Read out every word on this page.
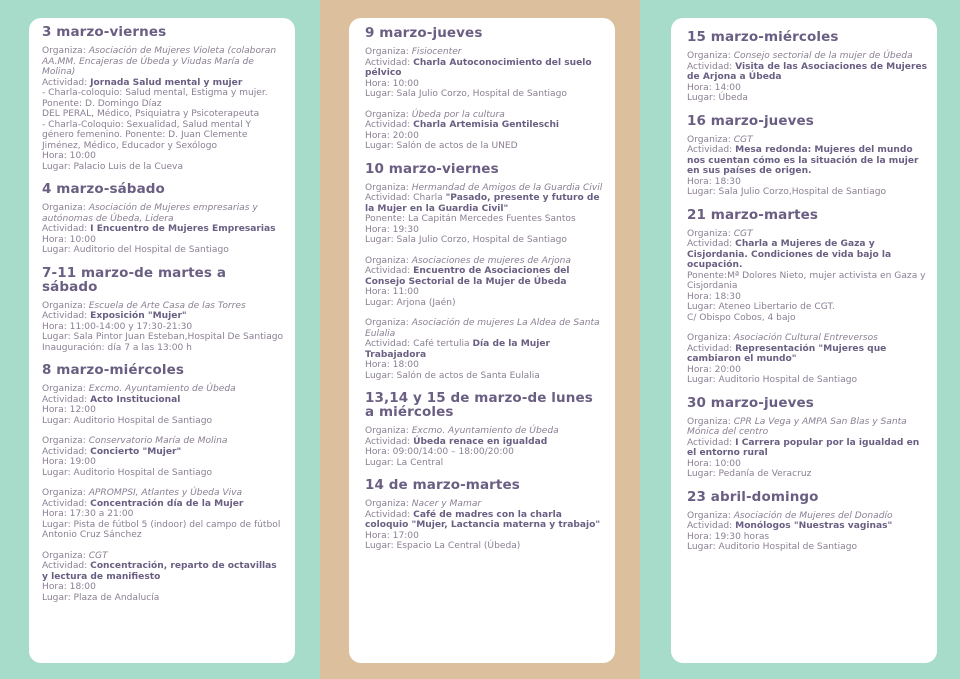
3 marzo-viernes
Organiza: Asociación de Mujeres Violeta (colaboran AA.MM. Encajeras de Úbeda y Viudas María de Molina)
Actividad: Jornada Salud mental y mujer
- Charla-coloquio: Salud mental, Estigma y mujer. Ponente: D. Domingo Díaz
DEL PERAL, Médico, Psiquiatra y Psicoterapeuta
- Charla-Coloquio: Sexualidad, Salud mental Y género femenino. Ponente: D. Juan Clemente Jiménez, Médico, Educador y Sexólogo
Hora: 10:00
Lugar: Palacio Luis de la Cueva
4 marzo-sábado
Organiza: Asociación de Mujeres empresarias y autónomas de Úbeda, Lidera
Actividad: I Encuentro de Mujeres Empresarias
Hora: 10:00
Lugar: Auditorio del Hospital de Santiago
7-11 marzo-de martes a sábado
Organiza: Escuela de Arte Casa de las Torres
Actividad: Exposición "Mujer"
Hora: 11:00-14:00 y 17:30-21:30
Lugar: Sala Pintor Juan Esteban,Hospital De Santiago
Inauguración: día 7 a las 13:00 h
8 marzo-miércoles
Organiza: Excmo. Ayuntamiento de Úbeda
Actividad: Acto Institucional
Hora: 12:00
Lugar: Auditorio Hospital de Santiago
Organiza: Conservatorio María de Molina
Actividad: Concierto "Mujer"
Hora: 19:00
Lugar: Auditorio Hospital de Santiago
Organiza: APROMPSI, Atlantes y Úbeda Viva
Actividad: Concentración día de la Mujer
Hora: 17:30 a 21:00
Lugar: Pista de fútbol 5 (indoor) del campo de fútbol Antonio Cruz Sánchez
Organiza: CGT
Actividad: Concentración, reparto de octavillas y lectura de manifiesto
Hora: 18:00
Lugar: Plaza de Andalucía
9 marzo-jueves
Organiza: Fisiocenter
Actividad: Charla Autoconocimiento del suelo pélvico
Hora: 10:00
Lugar: Sala Julio Corzo, Hospital de Santiago
Organiza: Úbeda por la cultura
Actividad: Charla Artemisia Gentileschi
Hora: 20:00
Lugar: Salón de actos de la UNED
10 marzo-viernes
Organiza: Hermandad de Amigos de la Guardia Civil
Actividad: Charla "Pasado, presente y futuro de la Mujer en la Guardia Civil"
Ponente: La Capitán Mercedes Fuentes Santos
Hora: 19:30
Lugar: Sala Julio Corzo, Hospital de Santiago
Organiza: Asociaciones de mujeres de Arjona
Actividad: Encuentro de Asociaciones del Consejo Sectorial de la Mujer de Úbeda
Hora: 11:00
Lugar: Arjona (Jaén)
Organiza: Asociación de mujeres La Aldea de Santa Eulalia
Actividad: Café tertulia Día de la Mujer Trabajadora
Hora: 18:00
Lugar: Salón de actos de Santa Eulalia
13,14 y 15 de marzo-de lunes a miércoles
Organiza: Excmo. Ayuntamiento de Úbeda
Actividad: Úbeda renace en igualdad
Hora: 09:00/14:00 – 18:00/20:00
Lugar: La Central
14 de marzo-martes
Organiza: Nacer y Mamar
Actividad: Café de madres con la charla coloquio "Mujer, Lactancia materna y trabajo"
Hora: 17:00
Lugar: Espacio La Central (Úbeda)
15 marzo-miércoles
Organiza: Consejo sectorial de la mujer de Úbeda
Actividad: Visita de las Asociaciones de Mujeres de Arjona a Úbeda
Hora: 14:00
Lugar: Úbeda
16 marzo-jueves
Organiza: CGT
Actividad: Mesa redonda: Mujeres del mundo nos cuentan cómo es la situación de la mujer en sus países de origen.
Hora: 18:30
Lugar: Sala Julio Corzo,Hospital de Santiago
21 marzo-martes
Organiza: CGT
Actividad: Charla a Mujeres de Gaza y Cisjordania. Condiciones de vida bajo la ocupación.
Ponente:Mª Dolores Nieto, mujer activista en Gaza y Cisjordania
Hora: 18:30
Lugar: Ateneo Libertario de CGT.
C/ Obispo Cobos, 4 bajo
Organiza: Asociación Cultural Entreversos
Actividad: Representación "Mujeres que cambiaron el mundo"
Hora: 20:00
Lugar: Auditorio Hospital de Santiago
30 marzo-jueves
Organiza: CPR La Vega y AMPA San Blas y Santa Mónica del centro
Actividad: I Carrera popular por la igualdad en el entorno rural
Hora: 10:00
Lugar: Pedanía de Veracruz
23 abril-domingo
Organiza: Asociación de Mujeres del Donadío
Actividad: Monólogos "Nuestras vaginas"
Hora: 19:30 horas
Lugar: Auditorio Hospital de Santiago
